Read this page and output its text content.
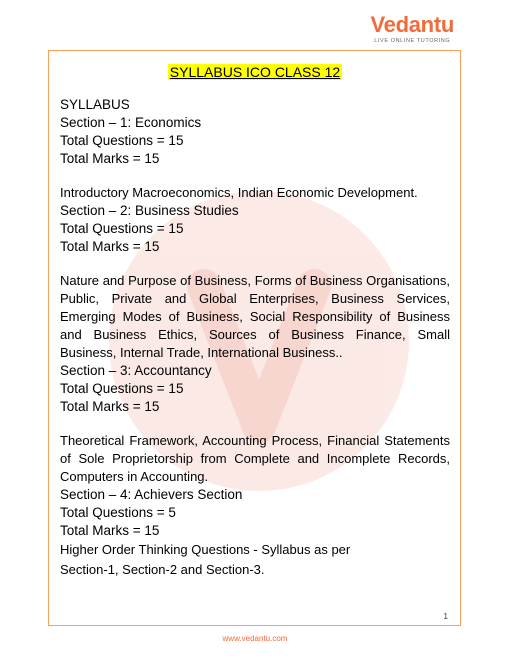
Vedantu
LIVE ONLINE TUTORING
SYLLABUS ICO CLASS 12
SYLLABUS
Section – 1: Economics
Total Questions = 15
Total Marks = 15
Introductory Macroeconomics, Indian Economic Development.
Section – 2: Business Studies
Total Questions = 15
Total Marks = 15
Nature and Purpose of Business, Forms of Business Organisations, Public, Private and Global Enterprises, Business Services, Emerging Modes of Business, Social Responsibility of Business and Business Ethics, Sources of Business Finance, Small Business, Internal Trade, International Business..
Section – 3: Accountancy
Total Questions = 15
Total Marks = 15
Theoretical Framework, Accounting Process, Financial Statements of Sole Proprietorship from Complete and Incomplete Records, Computers in Accounting.
Section – 4: Achievers Section
Total Questions = 5
Total Marks = 15
Higher Order Thinking Questions - Syllabus as per Section-1, Section-2 and Section-3.
1
www.vedantu.com
